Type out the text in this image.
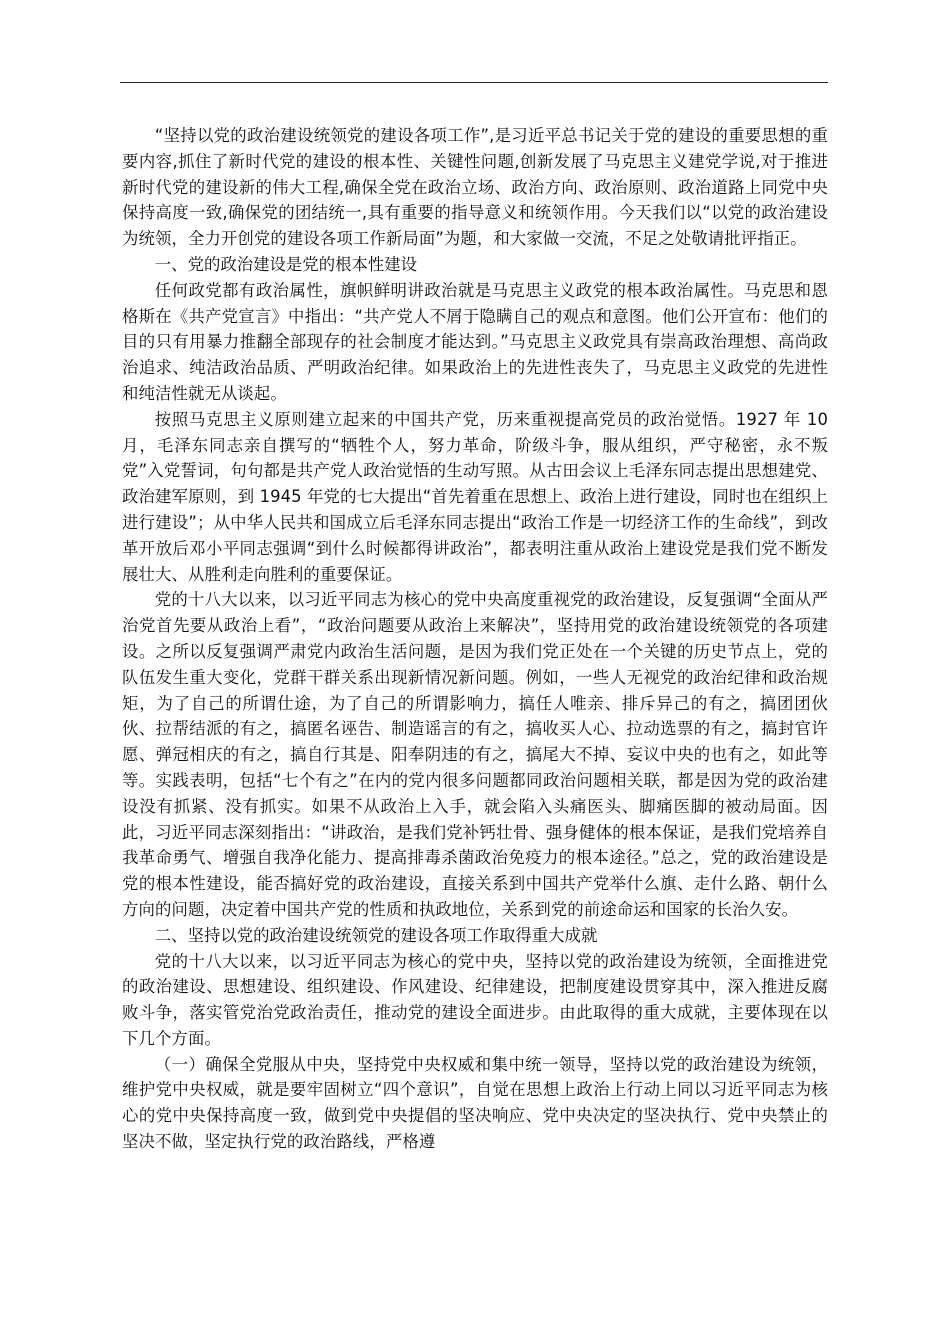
“坚持以党的政治建设统领党的建设各项工作”,是习近平总书记关于党的建设的重要思想的重要内容,抓住了新时代党的建设的根本性、关键性问题,创新发展了马克思主义建党学说,对于推进新时代党的建设新的伟大工程,确保全党在政治立场、政治方向、政治原则、政治道路上同党中央保持高度一致,确保党的团结统一,具有重要的指导意义和统领作用。今天我们以“以党的政治建设为统领，全力开创党的建设各项工作新局面”为题，和大家做一交流，不足之处敬请批评指正。

一、党的政治建设是党的根本性建设

任何政党都有政治属性，旗帜鲜明讲政治就是马克思主义政党的根本政治属性。马克思和恩格斯在《共产党宣言》中指出：“共产党人不屑于隐瞒自己的观点和意图。他们公开宣布：他们的目的只有用暴力推翻全部现存的社会制度才能达到。”马克思主义政党具有崇高政治理想、高尚政治追求、纯洁政治品质、严明政治纪律。如果政治上的先进性丧失了，马克思主义政党的先进性和纯洁性就无从谈起。

按照马克思主义原则建立起来的中国共产党，历来重视提高党员的政治觉悟。1927 年 10 月，毛泽东同志亲自撰写的“牺牲个人，努力革命，阶级斗争，服从组织，严守秘密，永不叛党”入党誓词，句句都是共产党人政治觉悟的生动写照。从古田会议上毛泽东同志提出思想建党、政治建军原则，到 1945 年党的七大提出“首先着重在思想上、政治上进行建设，同时也在组织上进行建设”；从中华人民共和国成立后毛泽东同志提出“政治工作是一切经济工作的生命线”，到改革开放后邓小平同志强调“到什么时候都得讲政治”，都表明注重从政治上建设党是我们党不断发展壮大、从胜利走向胜利的重要保证。

党的十八大以来，以习近平同志为核心的党中央高度重视党的政治建设，反复强调“全面从严治党首先要从政治上看”，“政治问题要从政治上来解决”，坚持用党的政治建设统领党的各项建设。之所以反复强调严肃党内政治生活问题，是因为我们党正处在一个关键的历史节点上，党的队伍发生重大变化，党群干群关系出现新情况新问题。例如，一些人无视党的政治纪律和政治规矩，为了自己的所谓仕途，为了自己的所谓影响力，搞任人唯亲、排斥异己的有之，搞团团伙伙、拉帮结派的有之，搞匿名诬告、制造谣言的有之，搞收买人心、拉动选票的有之，搞封官许愿、弹冠相庆的有之，搞自行其是、阳奉阴违的有之，搞尾大不掉、妄议中央的也有之，如此等等。实践表明，包括“七个有之”在内的党内很多问题都同政治问题相关联，都是因为党的政治建设没有抓紧、没有抓实。如果不从政治上入手，就会陷入头痛医头、脚痛医脚的被动局面。因此，习近平同志深刻指出：“讲政治，是我们党补钙壮骨、强身健体的根本保证，是我们党培养自我革命勇气、增强自我净化能力、提高排毒杀菌政治免疫力的根本途径。”总之，党的政治建设是党的根本性建设，能否搞好党的政治建设，直接关系到中国共产党举什么旗、走什么路、朝什么方向的问题，决定着中国共产党的性质和执政地位，关系到党的前途命运和国家的长治久安。

二、坚持以党的政治建设统领党的建设各项工作取得重大成就

党的十八大以来，以习近平同志为核心的党中央，坚持以党的政治建设为统领，全面推进党的政治建设、思想建设、组织建设、作风建设、纪律建设，把制度建设贯穿其中，深入推进反腐败斗争，落实管党治党政治责任，推动党的建设全面进步。由此取得的重大成就，主要体现在以下几个方面。

（一）确保全党服从中央，坚持党中央权威和集中统一领导，坚持以党的政治建设为统领，维护党中央权威，就是要牢固树立“四个意识”，自觉在思想上政治上行动上同以习近平同志为核心的党中央保持高度一致，做到党中央提倡的坚决响应、党中央决定的坚决执行、党中央禁止的坚决不做，坚定执行党的政治路线，严格遵
